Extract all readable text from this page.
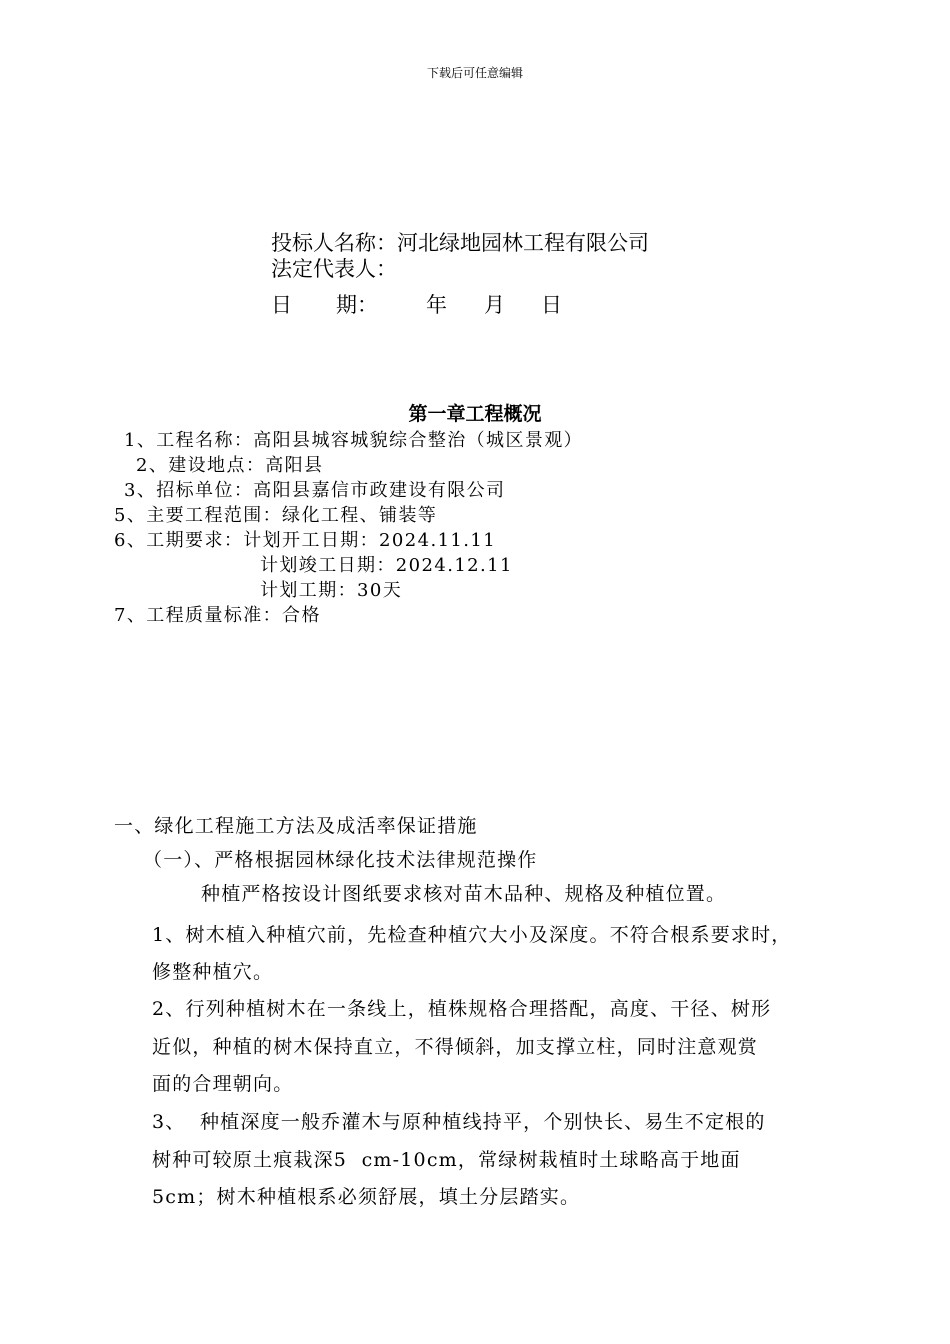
下载后可任意编辑
投标人名称：河北绿地园林工程有限公司
法定代表人：
日 期： 年 月 日
第一章工程概况
1、工程名称：高阳县城容城貌综合整治（城区景观）
2、建设地点：高阳县
3、招标单位：高阳县嘉信市政建设有限公司
5、主要工程范围：绿化工程、铺装等
6、工期要求：计划开工日期：2024.11.11
计划竣工日期：2024.12.11
计划工期：30天
7、工程质量标准：合格
一、绿化工程施工方法及成活率保证措施
（一）、严格根据园林绿化技术法律规范操作
种植严格按设计图纸要求核对苗木品种、规格及种植位置。
1、树木植入种植穴前，先检查种植穴大小及深度。不符合根系要求时，
修整种植穴。
2、行列种植树木在一条线上，植株规格合理搭配，高度、干径、树形
近似，种植的树木保持直立，不得倾斜，加支撑立柱，同时注意观赏
面的合理朝向。
3、  种植深度一般乔灌木与原种植线持平，个别快长、易生不定根的
树种可较原土痕栽深5  cm-10cm，常绿树栽植时土球略高于地面
5cm；树木种植根系必须舒展，填土分层踏实。
